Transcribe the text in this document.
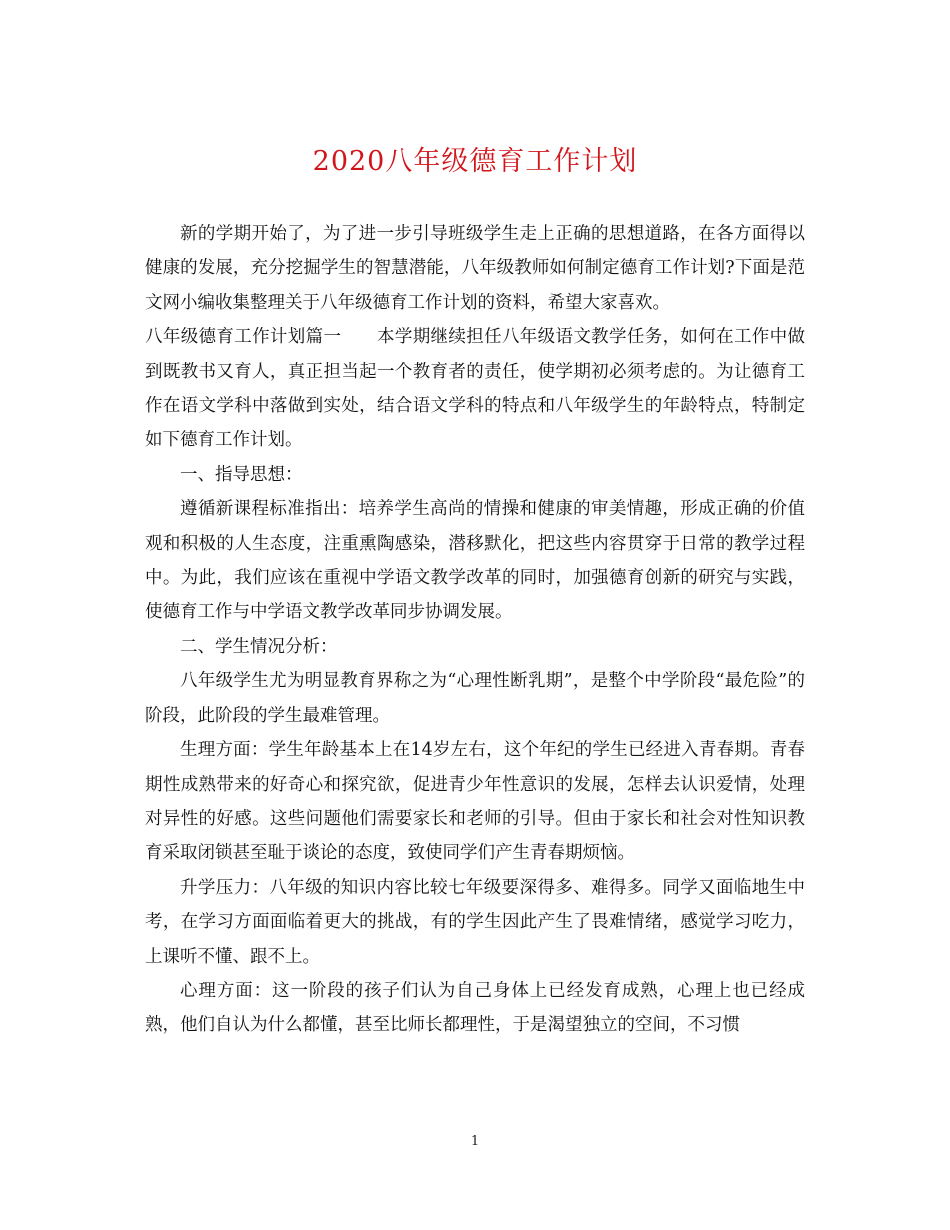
2020八年级德育工作计划

新的学期开始了，为了进一步引导班级学生走上正确的思想道路，在各方面得以健康的发展，充分挖掘学生的智慧潜能，八年级教师如何制定德育工作计划?下面是范文网小编收集整理关于八年级德育工作计划的资料，希望大家喜欢。

八年级德育工作计划篇一　　本学期继续担任八年级语文教学任务，如何在工作中做到既教书又育人，真正担当起一个教育者的责任，使学期初必须考虑的。为让德育工作在语文学科中落做到实处，结合语文学科的特点和八年级学生的年龄特点，特制定如下德育工作计划。

一、指导思想：

遵循新课程标准指出：培养学生高尚的情操和健康的审美情趣，形成正确的价值观和积极的人生态度，注重熏陶感染，潜移默化，把这些内容贯穿于日常的教学过程中。为此，我们应该在重视中学语文教学改革的同时，加强德育创新的研究与实践，使德育工作与中学语文教学改革同步协调发展。

二、学生情况分析：

八年级学生尤为明显教育界称之为“心理性断乳期”，是整个中学阶段“最危险”的阶段，此阶段的学生最难管理。

生理方面：学生年龄基本上在14岁左右，这个年纪的学生已经进入青春期。青春期性成熟带来的好奇心和探究欲，促进青少年性意识的发展，怎样去认识爱情，处理对异性的好感。这些问题他们需要家长和老师的引导。但由于家长和社会对性知识教育采取闭锁甚至耻于谈论的态度，致使同学们产生青春期烦恼。

升学压力：八年级的知识内容比较七年级要深得多、难得多。同学又面临地生中考，在学习方面面临着更大的挑战，有的学生因此产生了畏难情绪，感觉学习吃力，上课听不懂、跟不上。

心理方面：这一阶段的孩子们认为自己身体上已经发育成熟，心理上也已经成熟，他们自认为什么都懂，甚至比师长都理性，于是渴望独立的空间，不习惯

1
